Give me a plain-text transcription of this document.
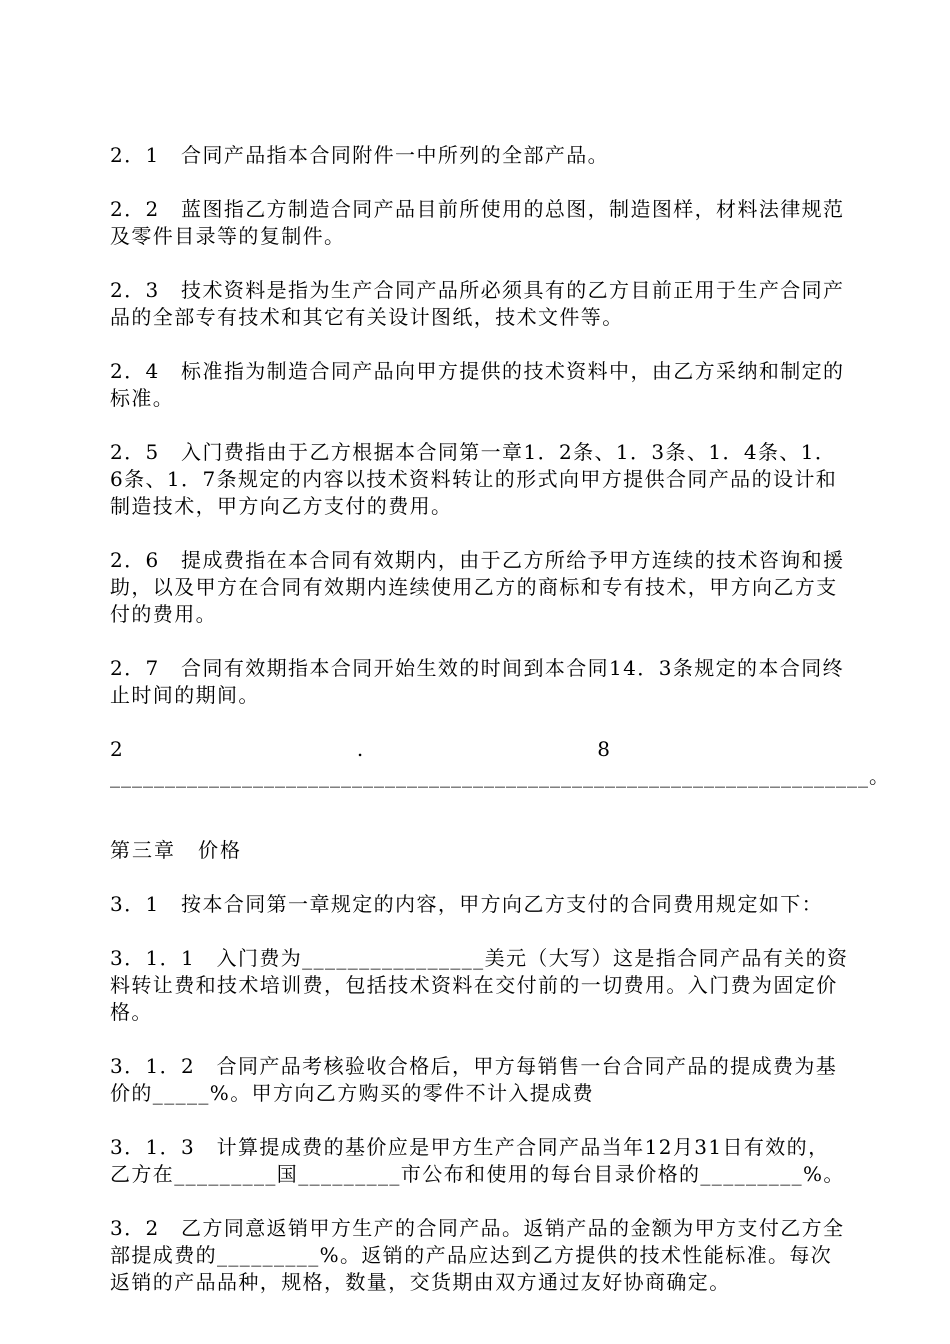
2．1　合同产品指本合同附件一中所列的全部产品。

2．2　蓝图指乙方制造合同产品目前所使用的总图，制造图样，材料法律规范及零件目录等的复制件。

2．3　技术资料是指为生产合同产品所必须具有的乙方目前正用于生产合同产品的全部专有技术和其它有关设计图纸，技术文件等。

2．4　标准指为制造合同产品向甲方提供的技术资料中，由乙方采纳和制定的标准。

2．5　入门费指由于乙方根据本合同第一章1．2条、1．3条、1．4条、1．6条、1．7条规定的内容以技术资料转让的形式向甲方提供合同产品的设计和制造技术，甲方向乙方支付的费用。

2．6　提成费指在本合同有效期内，由于乙方所给予甲方连续的技术咨询和援助，以及甲方在合同有效期内连续使用乙方的商标和专有技术，甲方向乙方支付的费用。

2．7　合同有效期指本合同开始生效的时间到本合同14．3条规定的本合同终止时间的期间。

2	.	8
_____________________________________________________________________。

第三章　价格

3．1　按本合同第一章规定的内容，甲方向乙方支付的合同费用规定如下：

3．1．1　入门费为________________美元（大写）这是指合同产品有关的资料转让费和技术培训费，包括技术资料在交付前的一切费用。入门费为固定价格。

3．1．2　合同产品考核验收合格后，甲方每销售一台合同产品的提成费为基价的_____%。甲方向乙方购买的零件不计入提成费

3．1．3　计算提成费的基价应是甲方生产合同产品当年12月31日有效的，乙方在_________国_________市公布和使用的每台目录价格的_________%。

3．2　乙方同意返销甲方生产的合同产品。返销产品的金额为甲方支付乙方全部提成费的_________%。返销的产品应达到乙方提供的技术性能标准。每次返销的产品品种，规格，数量，交货期由双方通过友好协商确定。
